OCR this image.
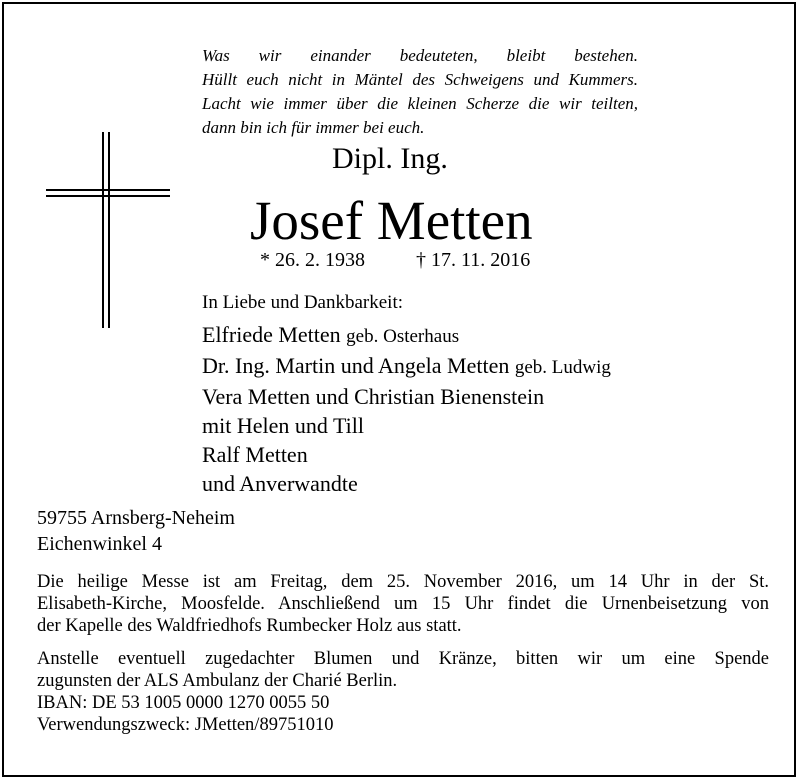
Was wir einander bedeuteten, bleibt bestehen.
Hüllt euch nicht in Mäntel des Schweigens und Kummers.
Lacht wie immer über die kleinen Scherze die wir teilten,
dann bin ich für immer bei euch.
Dipl. Ing.
Josef Metten
* 26. 2. 1938	† 17. 11. 2016
In Liebe und Dankbarkeit:
Elfriede Metten geb. Osterhaus
Dr. Ing. Martin und Angela Metten geb. Ludwig
Vera Metten und Christian Bienenstein
mit Helen und Till
Ralf Metten
und Anverwandte
59755 Arnsberg-Neheim
Eichenwinkel 4
Die heilige Messe ist am Freitag, dem 25. November 2016, um 14 Uhr in der St.
Elisabeth-Kirche, Moosfelde. Anschließend um 15 Uhr findet die Urnenbeisetzung von
der Kapelle des Waldfriedhofs Rumbecker Holz aus statt.
Anstelle eventuell zugedachter Blumen und Kränze, bitten wir um eine Spende
zugunsten der ALS Ambulanz der Charié Berlin.
IBAN: DE 53 1005 0000 1270 0055 50
Verwendungszweck: JMetten/89751010
